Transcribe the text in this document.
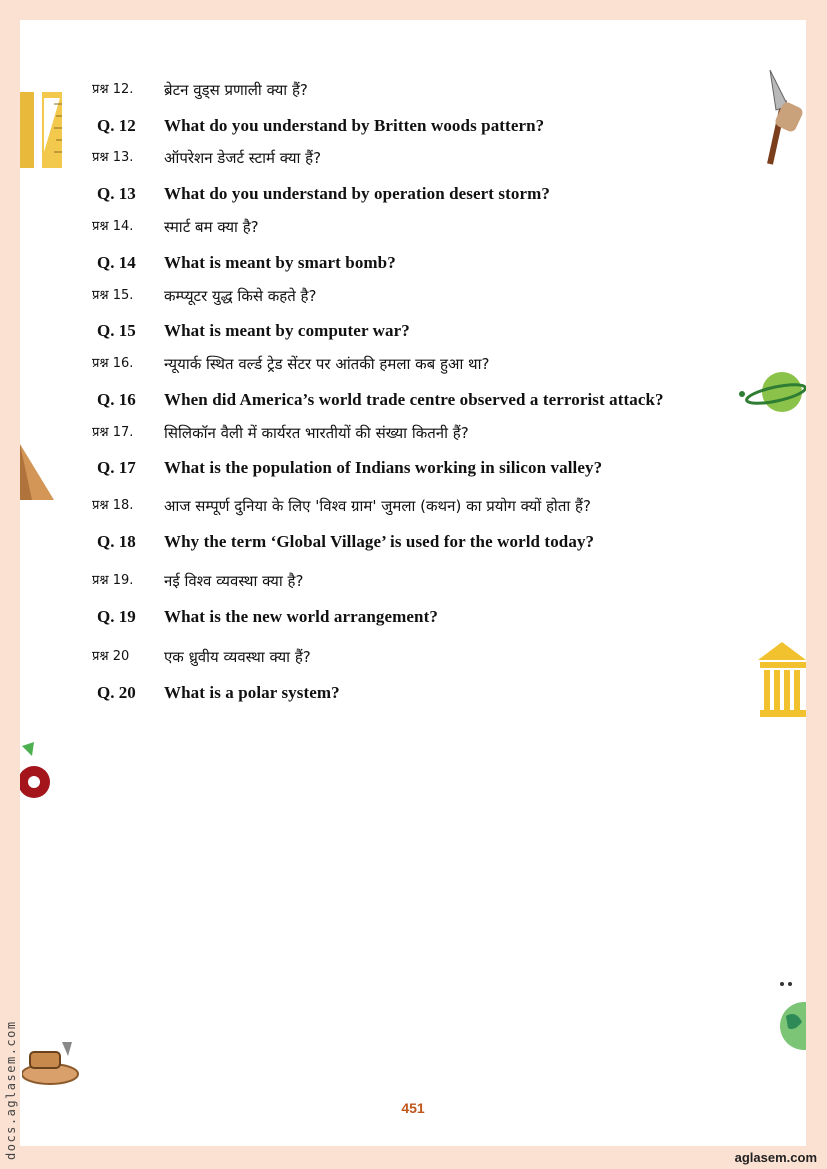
प्रश्न 12. ब्रेटन वुड्स प्रणाली क्या हैं?
Q. 12 What do you understand by Britten woods pattern?
प्रश्न 13. ऑपरेशन डेजर्ट स्टार्म क्या हैं?
Q. 13 What do you understand by operation desert storm?
प्रश्न 14. स्मार्ट बम क्या है?
Q. 14 What is meant by smart bomb?
प्रश्न 15. कम्प्यूटर युद्ध किसे कहते है?
Q. 15 What is meant by computer war?
प्रश्न 16. न्यूयार्क स्थित वर्ल्ड ट्रेड सेंटर पर आंतकी हमला कब हुआ था?
Q. 16 When did America’s world trade centre observed a terrorist attack?
प्रश्न 17. सिलिकॉन वैली में कार्यरत भारतीयों की संख्या कितनी हैं?
Q. 17 What is the population of Indians working in silicon valley?
प्रश्न 18. आज सम्पूर्ण दुनिया के लिए 'विश्व ग्राम' जुमला (कथन) का प्रयोग क्यों होता हैं?
Q. 18 Why the term ‘Global Village’ is used for the world today?
प्रश्न 19. नई विश्व व्यवस्था क्या है?
Q. 19 What is the new world arrangement?
प्रश्न 20 एक ध्रुवीय व्यवस्था क्या हैं?
Q. 20 What is a polar system?
451
docs.aglasem.com	aglasem.com
